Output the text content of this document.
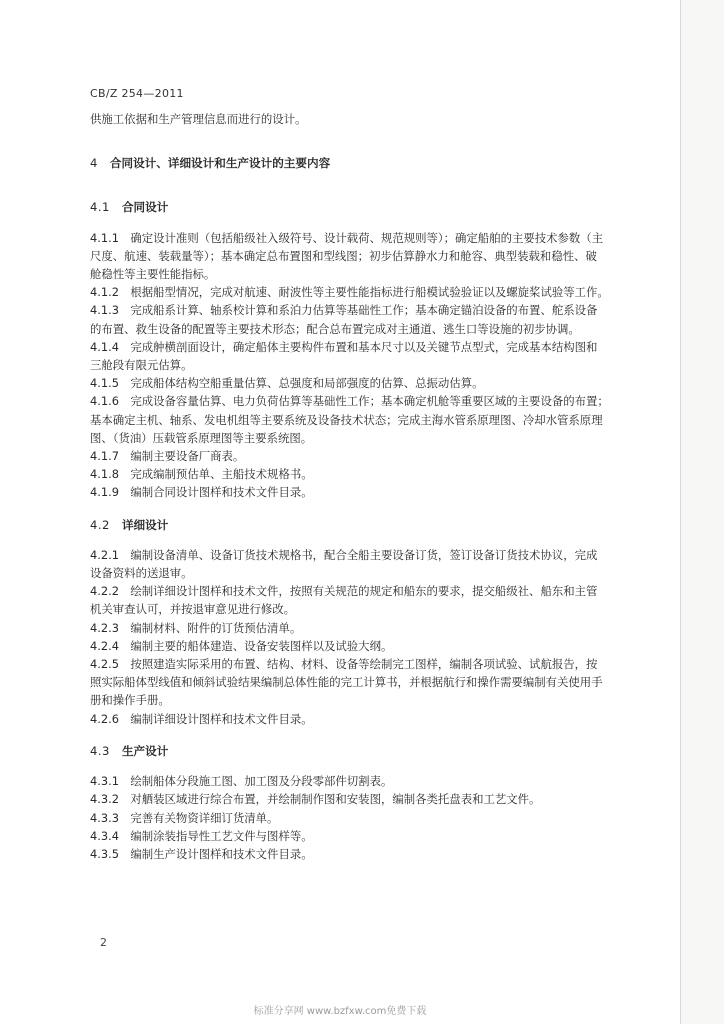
CB/Z 254—2011

供施工依据和生产管理信息而进行的设计。

4 合同设计、详细设计和生产设计的主要内容

4.1 合同设计

4.1.1　确定设计准则（包括船级社入级符号、设计载荷、规范规则等）；确定船舶的主要技术参数（主

尺度、航速、装载量等）；基本确定总布置图和型线图；初步估算静水力和舱容、典型装载和稳性、破

舱稳性等主要性能指标。

4.1.2　根据船型情况，完成对航速、耐波性等主要性能指标进行船模试验验证以及螺旋桨试验等工作。

4.1.3　完成船系计算、轴系校计算和系泊力估算等基础性工作；基本确定锚泊设备的布置、舵系设备

的布置、救生设备的配置等主要技术形态；配合总布置完成对主通道、逃生口等设施的初步协调。

4.1.4　完成舯横剖面设计，确定船体主要构件布置和基本尺寸以及关键节点型式，完成基本结构图和

三舱段有限元估算。

4.1.5　完成船体结构空船重量估算、总强度和局部强度的估算、总振动估算。

4.1.6　完成设备容量估算、电力负荷估算等基础性工作；基本确定机舱等重要区域的主要设备的布置；

基本确定主机、轴系、发电机组等主要系统及设备技术状态；完成主海水管系原理图、冷却水管系原理

图、（货油）压载管系原理图等主要系统图。

4.1.7　编制主要设备厂商表。

4.1.8　完成编制预估单、主船技术规格书。

4.1.9　编制合同设计图样和技术文件目录。

4.2 详细设计

4.2.1　编制设备清单、设备订货技术规格书，配合全船主要设备订货，签订设备订货技术协议，完成

设备资料的送退审。

4.2.2　绘制详细设计图样和技术文件，按照有关规范的规定和船东的要求，提交船级社、船东和主管

机关审查认可，并按退审意见进行修改。

4.2.3　编制材料、附件的订货预估清单。

4.2.4　编制主要的船体建造、设备安装图样以及试验大纲。

4.2.5　按照建造实际采用的布置、结构、材料、设备等绘制完工图样，编制各项试验、试航报告，按

照实际船体型线值和倾斜试验结果编制总体性能的完工计算书，并根据航行和操作需要编制有关使用手

册和操作手册。

4.2.6　编制详细设计图样和技术文件目录。

4.3 生产设计

4.3.1　绘制船体分段施工图、加工图及分段零部件切割表。

4.3.2　对舾装区域进行综合布置，并绘制制作图和安装图，编制各类托盘表和工艺文件。

4.3.3　完善有关物资详细订货清单。

4.3.4　编制涂装指导性工艺文件与图样等。

4.3.5　编制生产设计图样和技术文件目录。

2
标准分享网 www.bzfxw.com免费下载
